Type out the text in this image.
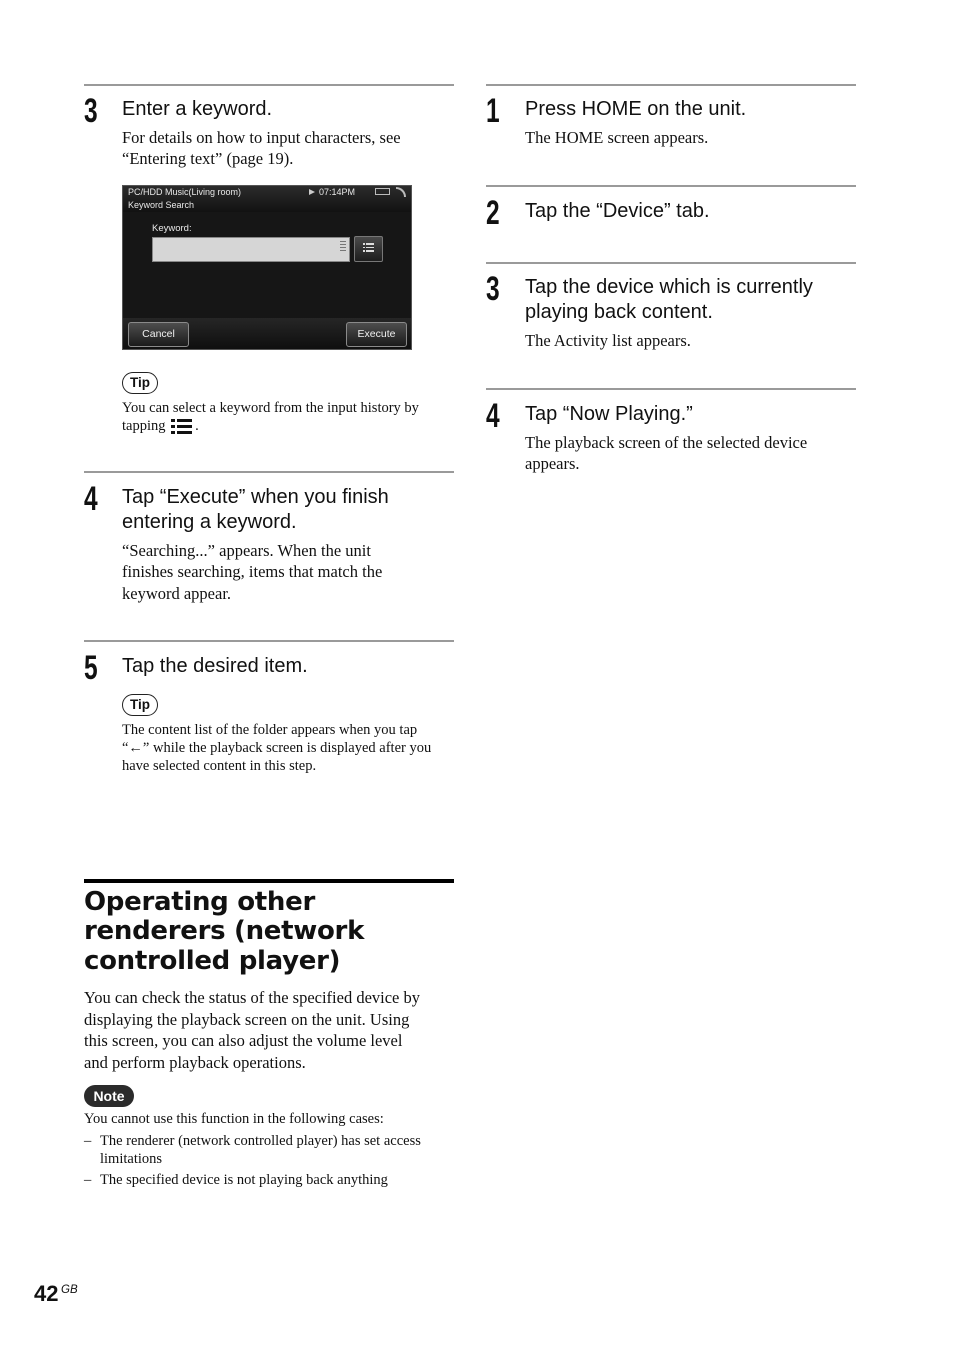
3 Enter a keyword.
For details on how to input characters, see
“Entering text” (page 19).
PC/HDD Music(Living room)
Keyword Search
07:14PM
Keyword:
Cancel	Execute
Tip
You can select a keyword from the input history by
tapping .
4 Tap “Execute” when you finish
entering a keyword.
“Searching...” appears. When the unit
finishes searching, items that match the
keyword appear.
5 Tap the desired item.
Tip
The content list of the folder appears when you tap
“←” while the playback screen is displayed after you
have selected content in this step.
Operating other
renderers (network
controlled player)
You can check the status of the specified device by
displaying the playback screen on the unit. Using
this screen, you can also adjust the volume level
and perform playback operations.
Note
You cannot use this function in the following cases:
– The renderer (network controlled player) has set access
limitations
– The specified device is not playing back anything
1 Press HOME on the unit.
The HOME screen appears.
2 Tap the “Device” tab.
3 Tap the device which is currently
playing back content.
The Activity list appears.
4 Tap “Now Playing.”
The playback screen of the selected device
appears.
42 GB
